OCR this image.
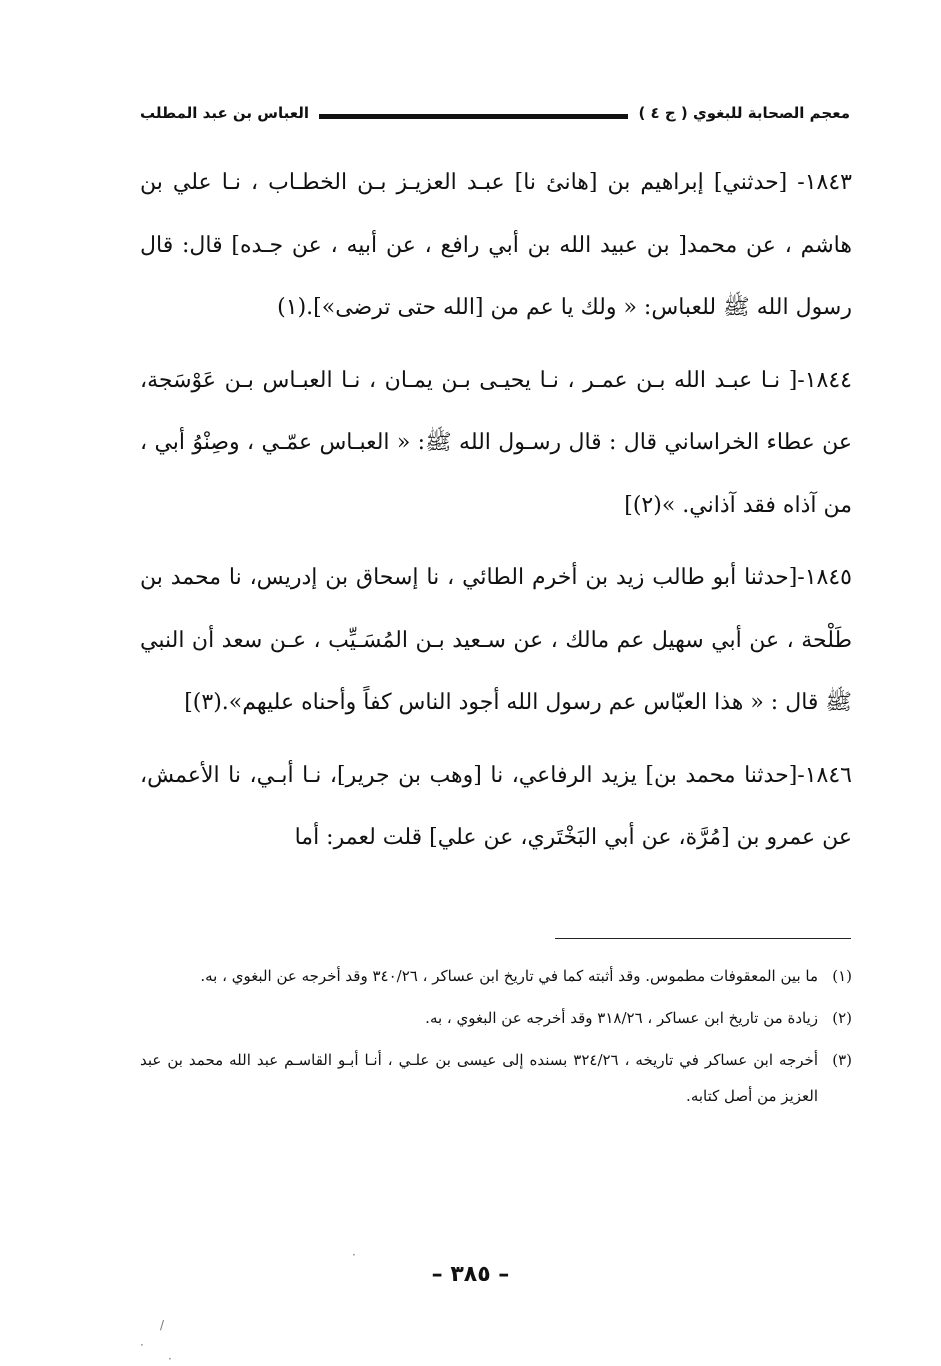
معجم الصحابة للبغوي ( ج ٤ )
العباس بن عبد المطلب

١٨٤٣- [حدثني] إبراهيم بن [هانئ نا] عبـد العزيـز بـن الخطـاب ، نـا علي بن هاشم ، عن محمد[ بن عبيد الله بن أبي رافع ، عن أبيه ، عن جـده] قال: قال رسول الله ﷺ للعباس: « ولك يا عم من [الله حتى ترضى»].(١)

١٨٤٤-[ نـا عبـد الله بـن عمـر ، نـا يحيـى بـن يمـان ، نـا العبـاس بـن عَوْسَجة، عن عطاء الخراساني قال : قال رسـول الله ﷺ: « العبـاس عمّـي ، وصِنْوُ أبي ، من آذاه فقد آذاني. »(٢)]

١٨٤٥-[حدثنا أبو طالب زيد بن أخرم الطائي ، نا إسحاق بن إدريس، نا محمد بن طَلْحة ، عن أبي سهيل عم مالك ، عن سـعيد بـن المُسَـيِّب ، عـن سعد أن النبي ﷺ قال : « هذا العبّاس عم رسول الله أجود الناس كفاً وأحناه عليهم».(٣)]

١٨٤٦-[حدثنا محمد بن] يزيد الرفاعي، نا [وهب بن جرير]، نـا أبـي، نا الأعمش، عن عمرو بن [مُرَّة، عن أبي البَخْتَري، عن علي] قلت لعمر: أما

(١)ما بين المعقوفات مطموس. وقد أثبته كما في تاريخ ابن عساكر ، ٣٤٠/٢٦ وقد أخرجه عن البغوي ، به.

(٢)زيادة من تاريخ ابن عساكر ، ٣١٨/٢٦ وقد أخرجه عن البغوي ، به.

(٣)أخرجه ابن عساكر في تاريخه ، ٣٢٤/٢٦ بسنده إلى عيسى بن علـي ، أنـا أبـو القاسـم عبد الله محمد بن عبد العزيز من أصل كتابه.

– ٣٨٥ –
·
/
·
·
